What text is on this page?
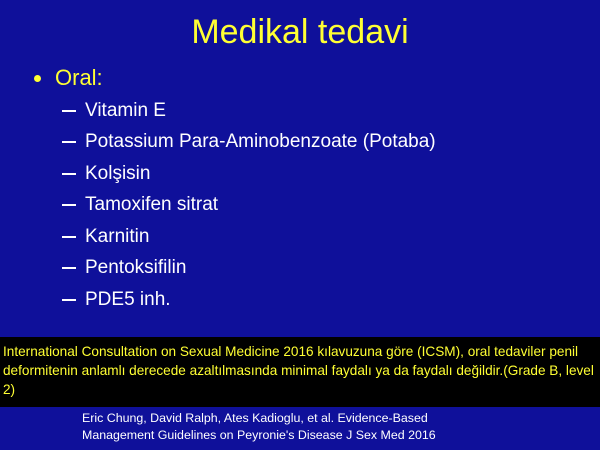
Medikal tedavi
Oral:
Vitamin E
Potassium Para-Aminobenzoate (Potaba)
Kolşisin
Tamoxifen sitrat
Karnitin
Pentoksifilin
PDE5 inh.
International Consultation on Sexual Medicine 2016 kılavuzuna göre (ICSM), oral tedaviler penil deformitenin anlamlı derecede azaltılmasında minimal faydalı ya da faydalı değildir.(Grade B, level 2)
Eric Chung, David Ralph, Ates Kadioglu, et al. Evidence-Based
Management Guidelines on Peyronie's Disease J Sex Med 2016
